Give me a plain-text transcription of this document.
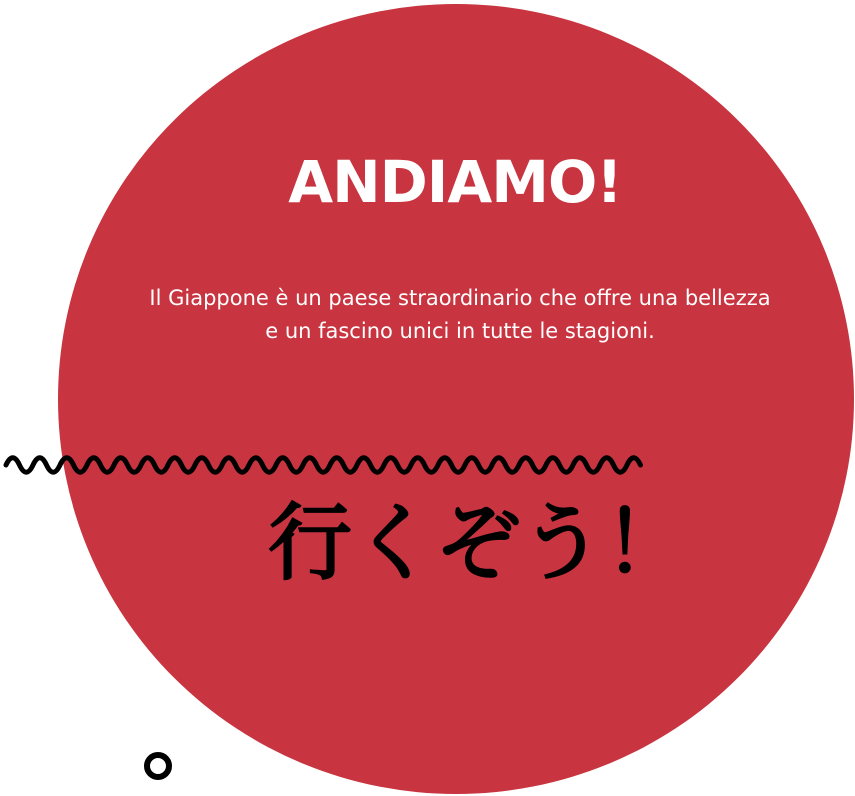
ANDIAMO!
Il Giappone è un paese straordinario che offre una bellezza e un fascino unici in tutte le stagioni.
行くぞう！
